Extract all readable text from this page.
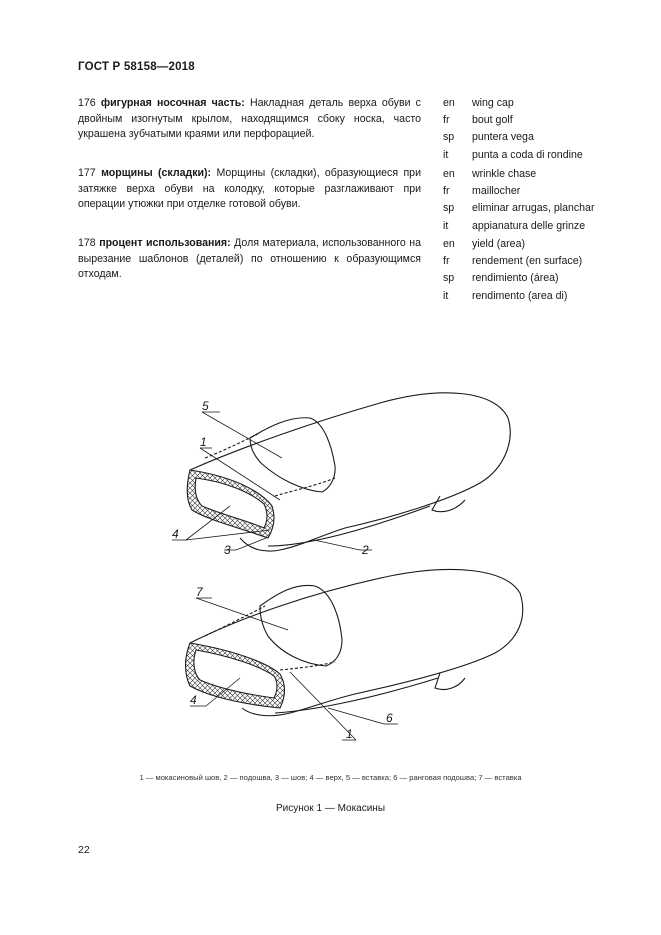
ГОСТ Р 58158—2018
176 фигурная носочная часть: Накладная деталь верха обуви с двойным изогнутым крылом, находящимся сбоку носка, часто украшена зубчатыми краями или перфорацией.
en	wing cap
fr	bout golf
sp	puntera vega
it	punta a coda di rondine
177 морщины (складки): Морщины (складки), образующиеся при затяжке верха обуви на колодку, которые разглаживают при операции утюжки при отделке готовой обуви.
en	wrinkle chase
fr	maillocher
sp	eliminar arrugas, planchar
it	appianatura delle grinze
178 процент использования: Доля материала, использованного на вырезание шаблонов (деталей) по отношению к образующимся отходам.
en	yield (area)
fr	rendement (en surface)
sp	rendimiento (área)
it	rendimento (area di)
5
1
4
3	2
7
4
6
1
1 — мокасиновый шов, 2 — подошва, 3 — шов; 4 — верх, 5 — вставка; 6 — ранговая подошва; 7 — вставка
Рисунок 1 — Мокасины
22
